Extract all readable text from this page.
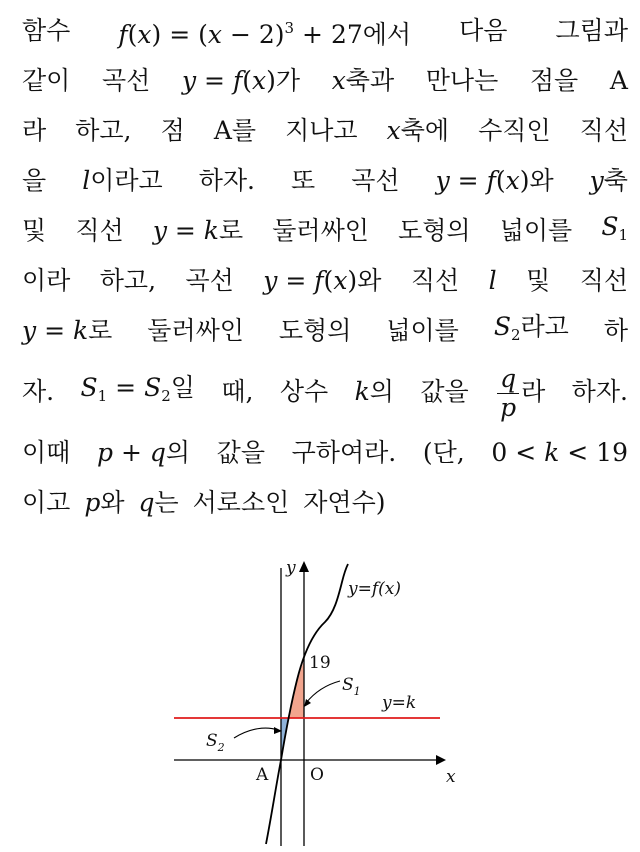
함수 $f(x) = (x - 2)^3 + 27$에서 다음 그림과
같이 곡선 y = f(x)가 x축과 만나는 점을 A
라 하고, 점 A를 지나고 x축에 수직인 직선
을 l이라고 하자. 또 곡선 y = f(x)와 y축
및 직선 y = k로 둘러싸인 도형의 넓이를 $S_1$
이라 하고, 곡선 y = f(x)와 직선 l 및 직선
y = k로 둘러싸인 도형의 넓이를 $S_2$라고 하
자. $S_1 = S_2$일 때, 상수 k의 값을 $\frac{q}{p}$ 라 하자.
이때 p + q의 값을 구하여라. (단, 0 < k < 19
이고 p와 q는 서로소인 자연수)
y
x
y=f(x)
y=k
19
$S_1$
$S_2$
A O
